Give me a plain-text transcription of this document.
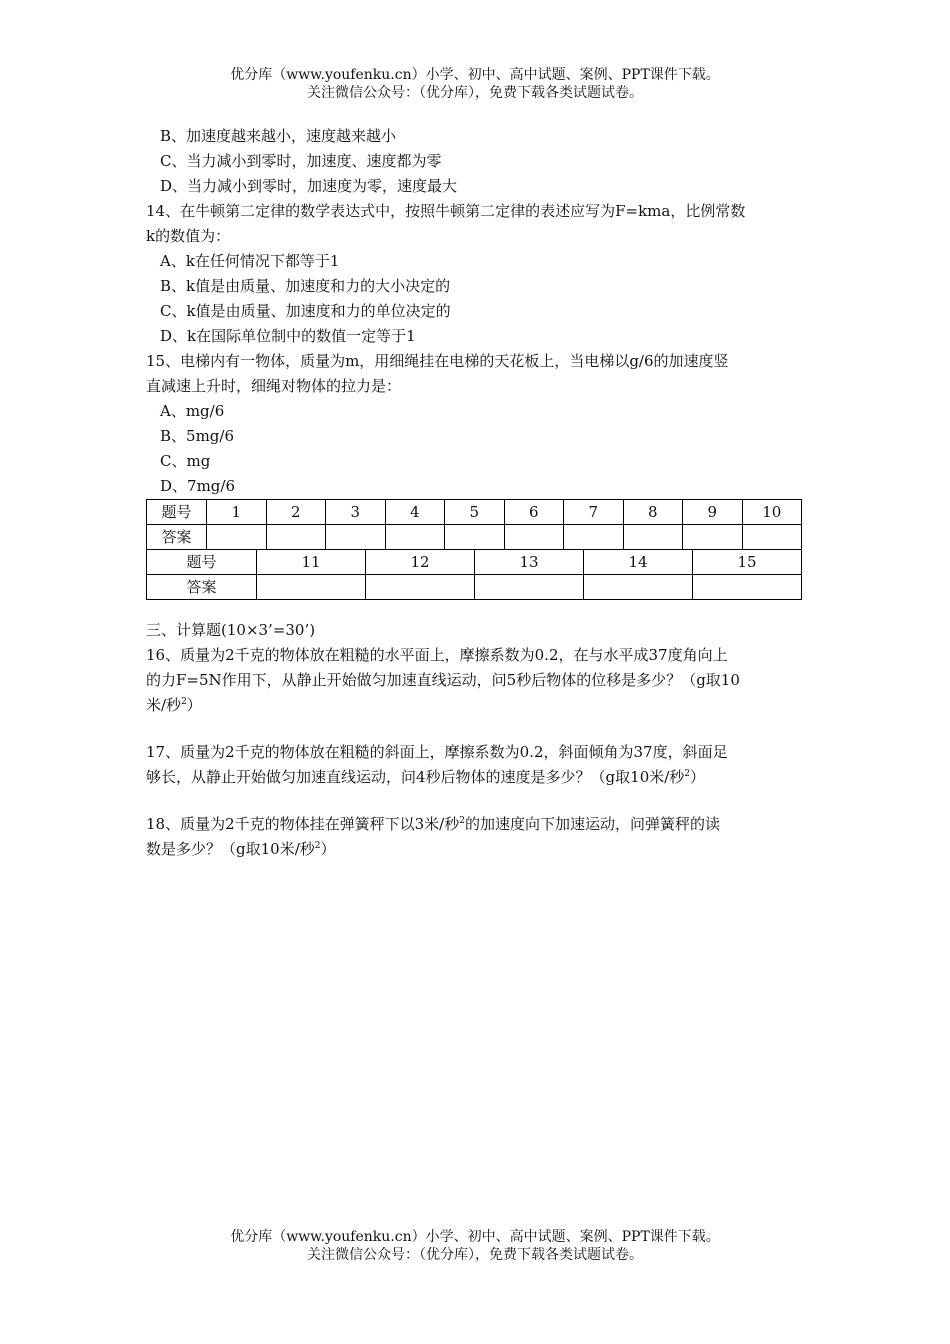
优分库（www.youfenku.cn）小学、初中、高中试题、案例、PPT课件下载。
关注微信公众号：（优分库），免费下载各类试题试卷。
B、加速度越来越小，速度越来越小
C、当力减小到零时，加速度、速度都为零
D、当力减小到零时，加速度为零，速度最大
14、在牛顿第二定律的数学表达式中，按照牛顿第二定律的表述应写为F=kma，比例常数
k的数值为：
A、k在任何情况下都等于1
B、k值是由质量、加速度和力的大小决定的
C、k值是由质量、加速度和力的单位决定的
D、k在国际单位制中的数值一定等于1
15、电梯内有一物体，质量为m，用细绳挂在电梯的天花板上，当电梯以g/6的加速度竖
直减速上升时，细绳对物体的拉力是：
A、mg/6
B、5mg/6
C、mg
D、7mg/6
题号	1	2	3	4	5	6	7	8	9	10
答案										
题号	11	12	13	14	15
答案					
三、计算题(10×3’=30’)
16、质量为2千克的物体放在粗糙的水平面上，摩擦系数为0.2，在与水平成37度角向上
的力F=5N作用下，从静止开始做匀加速直线运动，问5秒后物体的位移是多少？（g取10
米/秒$^2$）
17、质量为2千克的物体放在粗糙的斜面上，摩擦系数为0.2，斜面倾角为37度，斜面足
够长，从静止开始做匀加速直线运动，问4秒后物体的速度是多少？（g取10米/秒$^2$）
18、质量为2千克的物体挂在弹簧秤下以3米/秒$^2$的加速度向下加速运动，问弹簧秤的读
数是多少？（g取10米/秒$^2$）
优分库（www.youfenku.cn）小学、初中、高中试题、案例、PPT课件下载。
关注微信公众号：（优分库），免费下载各类试题试卷。
